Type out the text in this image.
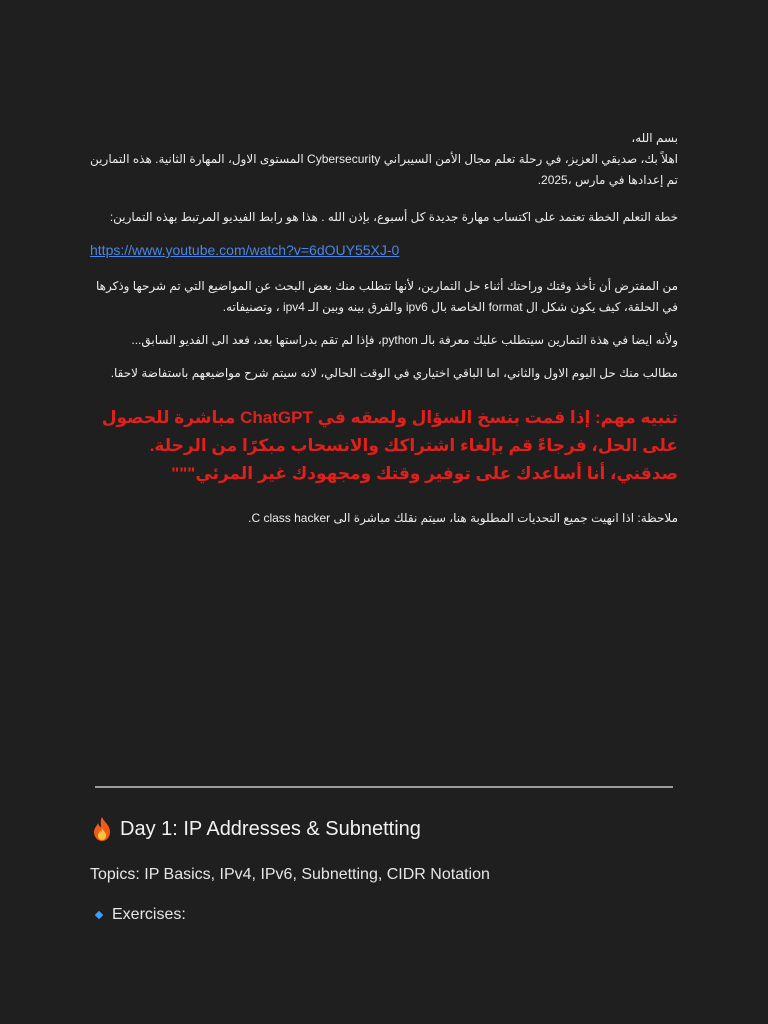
بسم الله،
اهلاً بك، صديقي العزيز، في رحلة تعلم مجال الأمن السيبراني Cybersecurity المستوى الاول، المهارة الثانية. هذه التمارين تم إعدادها في مارس ،2025.
خطة التعلم الخطة تعتمد على اكتساب مهارة جديدة كل أسبوع، بإذن الله . هذا هو رابط الفيديو المرتبط بهذه التمارين:
https://www.youtube.com/watch?v=6dOUY55XJ-0
من المفترض أن تأخذ وقتك وراحتك أثناء حل التمارين، لأنها تتطلب منك بعض البحث عن المواضيع التي تم شرحها وذكرها في الحلقة، كيف يكون شكل ال format الخاصة بال ipv6 والفرق بينه وبين الـ ipv4 ، وتصنيفاته.
ولأنه ايضا في هذة التمارين سيتطلب عليك معرفة بالـ python، فإذا لم تقم بدراستها بعد، فعد الى الفديو السابق...
مطالب منك حل اليوم الاول والثاني، اما الباقي اختياري في الوقت الحالي، لانه سيتم شرح مواضيعهم باستفاضة لاحقا.
تنبيه مهم: إذا قمت بنسخ السؤال ولصقه في ChatGPT مباشرة للحصول على الحل، فرجاءً قم بإلغاء اشتراكك والانسحاب مبكرًا من الرحلة. صدقني، أنا أساعدك على توفير وقتك ومجهودك غير المرئي"""
ملاحظة: اذا انهيت جميع التحديات المطلوبة هنا، سيتم نقلك مباشرة الى C class hacker.
Day 1: IP Addresses & Subnetting
Topics: IP Basics, IPv4, IPv6, Subnetting, CIDR Notation
Exercises:
